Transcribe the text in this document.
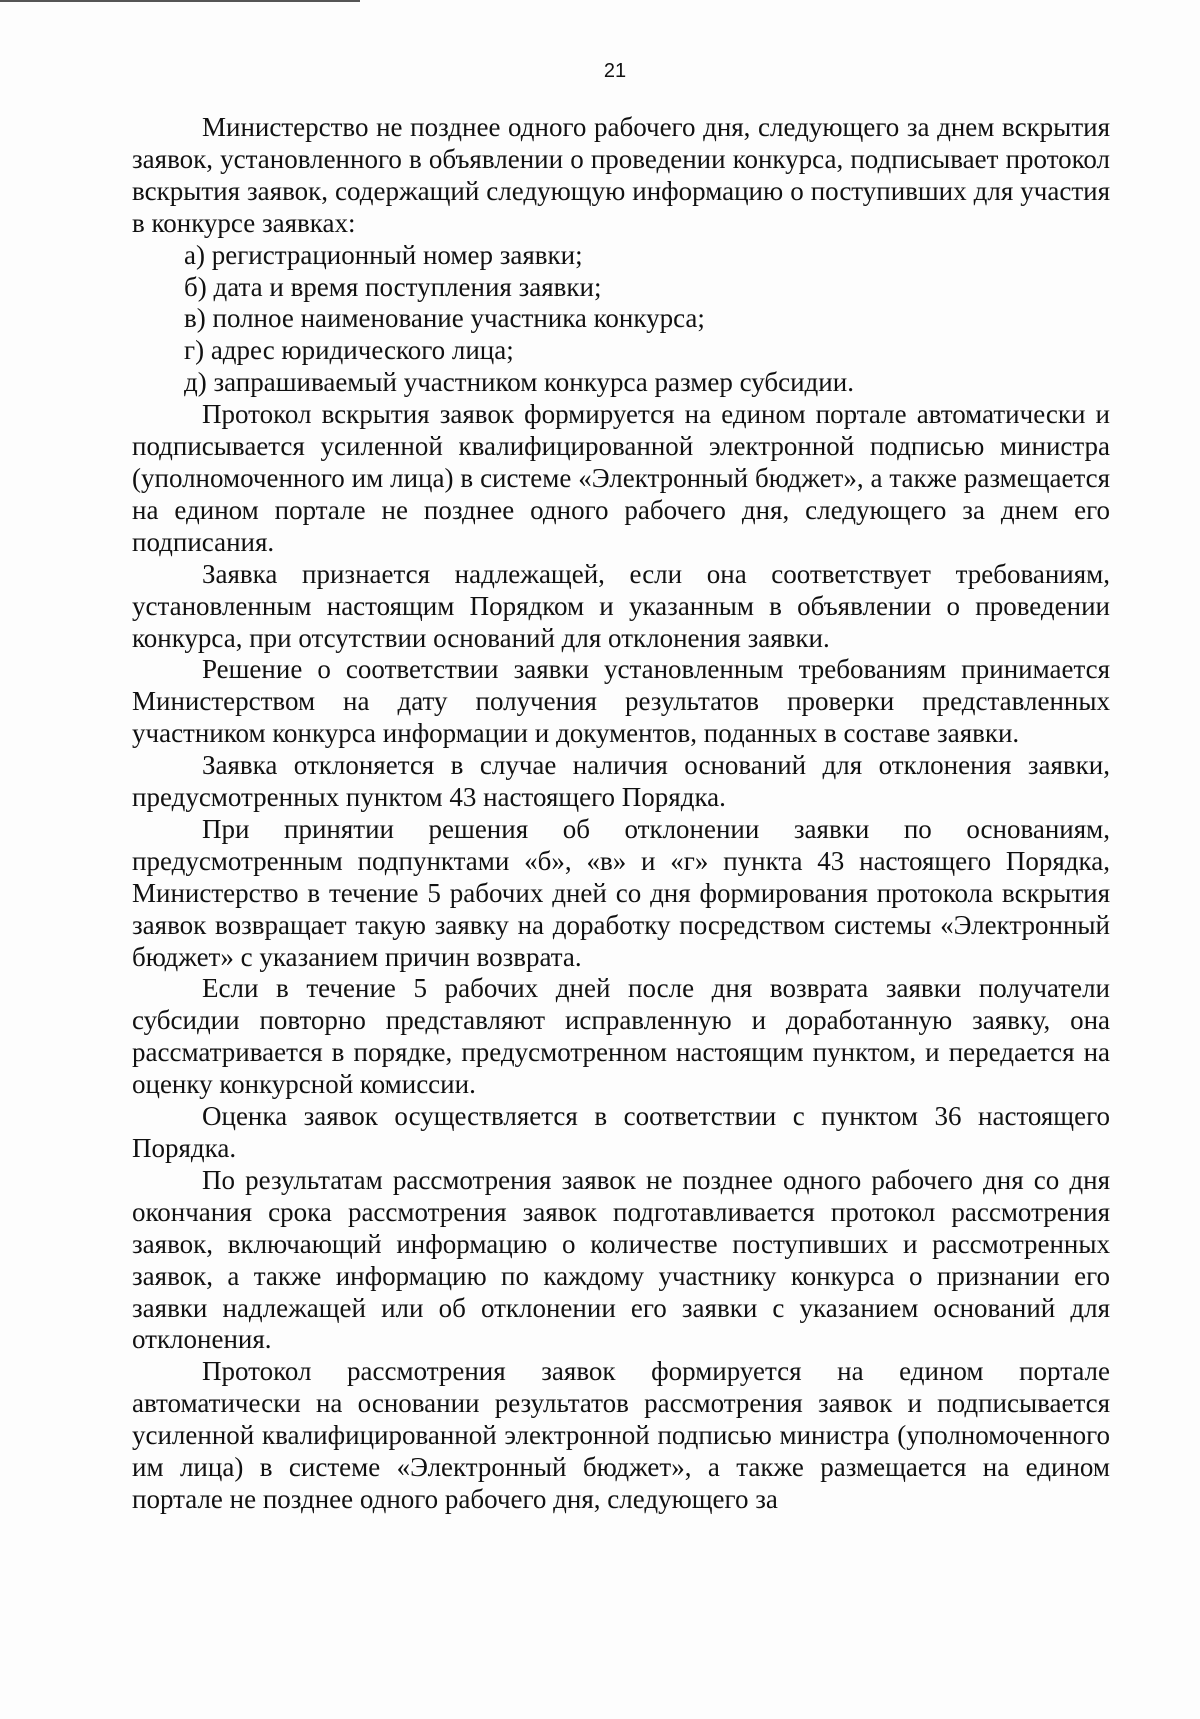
21

Министерство не позднее одного рабочего дня, следующего за днем вскрытия заявок, установленного в объявлении о проведении конкурса, подписывает протокол вскрытия заявок, содержащий следующую информацию о поступивших для участия в конкурсе заявках:

а) регистрационный номер заявки;

б) дата и время поступления заявки;

в) полное наименование участника конкурса;

г) адрес юридического лица;

д) запрашиваемый участником конкурса размер субсидии.

Протокол вскрытия заявок формируется на едином портале автоматически и подписывается усиленной квалифицированной электронной подписью министра (уполномоченного им лица) в системе «Электронный бюджет», а также размещается на едином портале не позднее одного рабочего дня, следующего за днем его подписания.

Заявка признается надлежащей, если она соответствует требованиям, установленным настоящим Порядком и указанным в объявлении о проведении конкурса, при отсутствии оснований для отклонения заявки.

Решение о соответствии заявки установленным требованиям принимается Министерством на дату получения результатов проверки представленных участником конкурса информации и документов, поданных в составе заявки.

Заявка отклоняется в случае наличия оснований для отклонения заявки, предусмотренных пунктом 43 настоящего Порядка.

При принятии решения об отклонении заявки по основаниям, предусмотренным подпунктами «б», «в» и «г» пункта 43 настоящего Порядка, Министерство в течение 5 рабочих дней со дня формирования протокола вскрытия заявок возвращает такую заявку на доработку посредством системы «Электронный бюджет» с указанием причин возврата.

Если в течение 5 рабочих дней после дня возврата заявки получатели субсидии повторно представляют исправленную и доработанную заявку, она рассматривается в порядке, предусмотренном настоящим пунктом, и передается на оценку конкурсной комиссии.

Оценка заявок осуществляется в соответствии с пунктом 36 настоящего Порядка.

По результатам рассмотрения заявок не позднее одного рабочего дня со дня окончания срока рассмотрения заявок подготавливается протокол рассмотрения заявок, включающий информацию о количестве поступивших и рассмотренных заявок, а также информацию по каждому участнику конкурса о признании его заявки надлежащей или об отклонении его заявки с указанием оснований для отклонения.

Протокол рассмотрения заявок формируется на едином портале автоматически на основании результатов рассмотрения заявок и подписывается усиленной квалифицированной электронной подписью министра (уполномоченного им лица) в системе «Электронный бюджет», а также размещается на едином портале не позднее одного рабочего дня, следующего за
